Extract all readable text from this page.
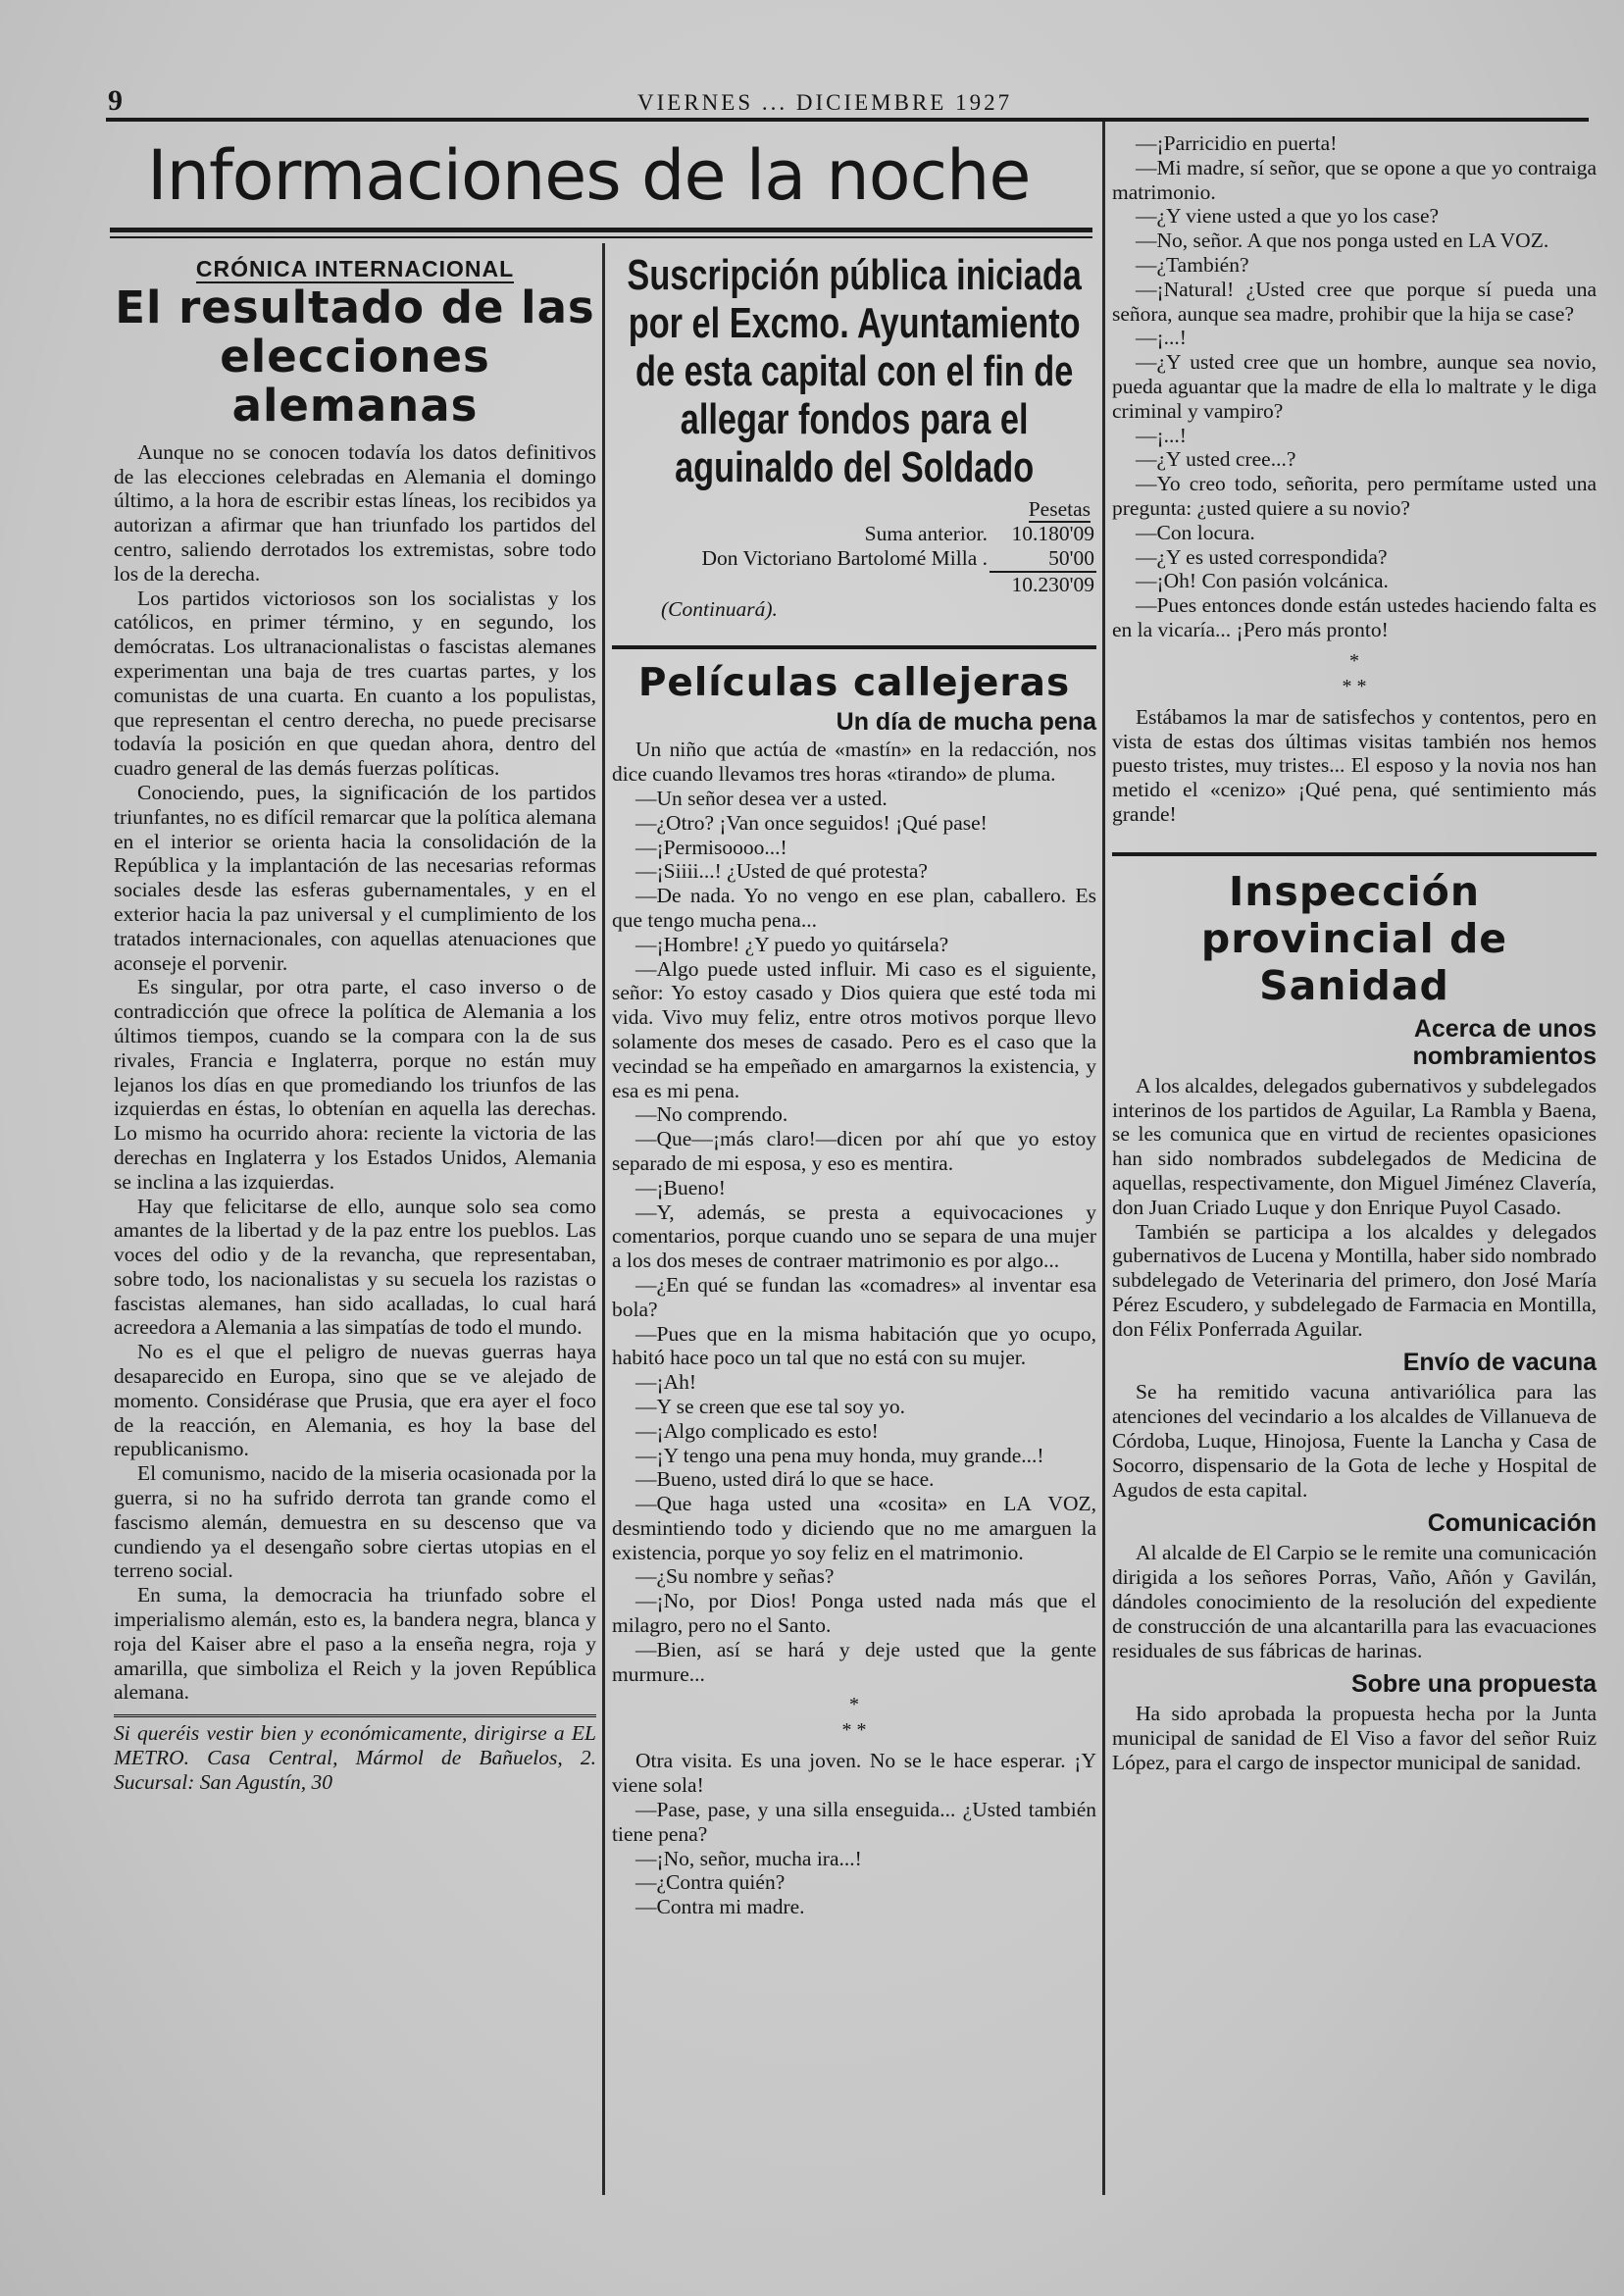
9	VIERNES ... DICIEMBRE 1927
Informaciones de la noche
CRÓNICA INTERNACIONAL
El resultado de las elecciones alemanas

Aunque no se conocen todavía los datos definitivos de las elecciones celebradas en Alemania el domingo último, a la hora de escribir estas líneas, los recibidos ya autorizan a afirmar que han triunfado los partidos del centro, saliendo derrotados los extremistas, sobre todo los de la derecha.

Los partidos victoriosos son los socialistas y los católicos, en primer término, y en segundo, los demócratas. Los ultranacionalistas o fascistas alemanes experimentan una baja de tres cuartas partes, y los comunistas de una cuarta. En cuanto a los populistas, que representan el centro derecha, no puede precisarse todavía la posición en que quedan ahora, dentro del cuadro general de las demás fuerzas políticas.

Conociendo, pues, la significación de los partidos triunfantes, no es difícil remarcar que la política alemana en el interior se orienta hacia la consolidación de la República y la implantación de las necesarias reformas sociales desde las esferas gubernamentales, y en el exterior hacia la paz universal y el cumplimiento de los tratados internacionales, con aquellas atenuaciones que aconseje el porvenir.

Es singular, por otra parte, el caso inverso o de contradicción que ofrece la política de Alemania a los últimos tiempos, cuando se la compara con la de sus rivales, Francia e Inglaterra, porque no están muy lejanos los días en que promediando los triunfos de las izquierdas en éstas, lo obtenían en aquella las derechas. Lo mismo ha ocurrido ahora: reciente la victoria de las derechas en Inglaterra y los Estados Unidos, Alemania se inclina a las izquierdas.

Hay que felicitarse de ello, aunque solo sea como amantes de la libertad y de la paz entre los pueblos. Las voces del odio y de la revancha, que representaban, sobre todo, los nacionalistas y su secuela los razistas o fascistas alemanes, han sido acalladas, lo cual hará acreedora a Alemania a las simpatías de todo el mundo.

No es el que el peligro de nuevas guerras haya desaparecido en Europa, sino que se ve alejado de momento. Considérase que Prusia, que era ayer el foco de la reacción, en Alemania, es hoy la base del republicanismo.

El comunismo, nacido de la miseria ocasionada por la guerra, si no ha sufrido derrota tan grande como el fascismo alemán, demuestra en su descenso que va cundiendo ya el desengaño sobre ciertas utopias en el terreno social.

En suma, la democracia ha triunfado sobre el imperialismo alemán, esto es, la bandera negra, blanca y roja del Kaiser abre el paso a la enseña negra, roja y amarilla, que simboliza el Reich y la joven República alemana.

Si queréis vestir bien y económicamente, dirigirse a EL METRO. Casa Central, Mármol de Bañuelos, 2. Sucursal: San Agustín, 30

Suscripción pública iniciada por el Excmo. Ayuntamiento de esta capital con el fin de allegar fondos para el aguinaldo del Soldado
Pesetas
Suma anterior.	10.180'09
Don Victoriano Bartolomé Milla .	50'00
	10.230'09
(Continuará).
Películas callejeras
Un día de mucha pena

Un niño que actúa de «mastín» en la redacción, nos dice cuando llevamos tres horas «tirando» de pluma.

—Un señor desea ver a usted.

—¿Otro? ¡Van once seguidos! ¡Qué pase!

—¡Permisoooo...!

—¡Siiii...! ¿Usted de qué protesta?

—De nada. Yo no vengo en ese plan, caballero. Es que tengo mucha pena...

—¡Hombre! ¿Y puedo yo quitársela?

—Algo puede usted influir. Mi caso es el siguiente, señor: Yo estoy casado y Dios quiera que esté toda mi vida. Vivo muy feliz, entre otros motivos porque llevo solamente dos meses de casado. Pero es el caso que la vecindad se ha empeñado en amargarnos la existencia, y esa es mi pena.

—No comprendo.

—Que—¡más claro!—dicen por ahí que yo estoy separado de mi esposa, y eso es mentira.

—¡Bueno!

—Y, además, se presta a equivocaciones y comentarios, porque cuando uno se separa de una mujer a los dos meses de contraer matrimonio es por algo...

—¿En qué se fundan las «comadres» al inventar esa bola?

—Pues que en la misma habitación que yo ocupo, habitó hace poco un tal que no está con su mujer.

—¡Ah!

—Y se creen que ese tal soy yo.

—¡Algo complicado es esto!

—¡Y tengo una pena muy honda, muy grande...!

—Bueno, usted dirá lo que se hace.

—Que haga usted una «cosita» en LA VOZ, desmintiendo todo y diciendo que no me amarguen la existencia, porque yo soy feliz en el matrimonio.

—¿Su nombre y señas?

—¡No, por Dios! Ponga usted nada más que el milagro, pero no el Santo.

—Bien, así se hará y deje usted que la gente murmure...

*
* *

Otra visita. Es una joven. No se le hace esperar. ¡Y viene sola!

—Pase, pase, y una silla enseguida... ¿Usted también tiene pena?

—¡No, señor, mucha ira...!

—¿Contra quién?

—Contra mi madre.

—¡Parricidio en puerta!

—Mi madre, sí señor, que se opone a que yo contraiga matrimonio.

—¿Y viene usted a que yo los case?

—No, señor. A que nos ponga usted en LA VOZ.

—¿También?

—¡Natural! ¿Usted cree que porque sí pueda una señora, aunque sea madre, prohibir que la hija se case?

—¡...!

—¿Y usted cree que un hombre, aunque sea novio, pueda aguantar que la madre de ella lo maltrate y le diga criminal y vampiro?

—¡...!

—¿Y usted cree...?

—Yo creo todo, señorita, pero permítame usted una pregunta: ¿usted quiere a su novio?

—Con locura.

—¿Y es usted correspondida?

—¡Oh! Con pasión volcánica.

—Pues entonces donde están ustedes haciendo falta es en la vicaría... ¡Pero más pronto!

*
* *

Estábamos la mar de satisfechos y contentos, pero en vista de estas dos últimas visitas también nos hemos puesto tristes, muy tristes... El esposo y la novia nos han metido el «cenizo» ¡Qué pena, qué sentimiento más grande!

Inspección provincial de Sanidad
Acerca de unos nombramientos

A los alcaldes, delegados gubernativos y subdelegados interinos de los partidos de Aguilar, La Rambla y Baena, se les comunica que en virtud de recientes opasiciones han sido nombrados subdelegados de Medicina de aquellas, respectivamente, don Miguel Jiménez Clavería, don Juan Criado Luque y don Enrique Puyol Casado.

También se participa a los alcaldes y delegados gubernativos de Lucena y Montilla, haber sido nombrado subdelegado de Veterinaria del primero, don José María Pérez Escudero, y subdelegado de Farmacia en Montilla, don Félix Ponferrada Aguilar.

Envío de vacuna

Se ha remitido vacuna antivariólica para las atenciones del vecindario a los alcaldes de Villanueva de Córdoba, Luque, Hinojosa, Fuente la Lancha y Casa de Socorro, dispensario de la Gota de leche y Hospital de Agudos de esta capital.

Comunicación

Al alcalde de El Carpio se le remite una comunicación dirigida a los señores Porras, Vaño, Añón y Gavilán, dándoles conocimiento de la resolución del expediente de construcción de una alcantarilla para las evacuaciones residuales de sus fábricas de harinas.

Sobre una propuesta

Ha sido aprobada la propuesta hecha por la Junta municipal de sanidad de El Viso a favor del señor Ruiz López, para el cargo de inspector municipal de sanidad.
